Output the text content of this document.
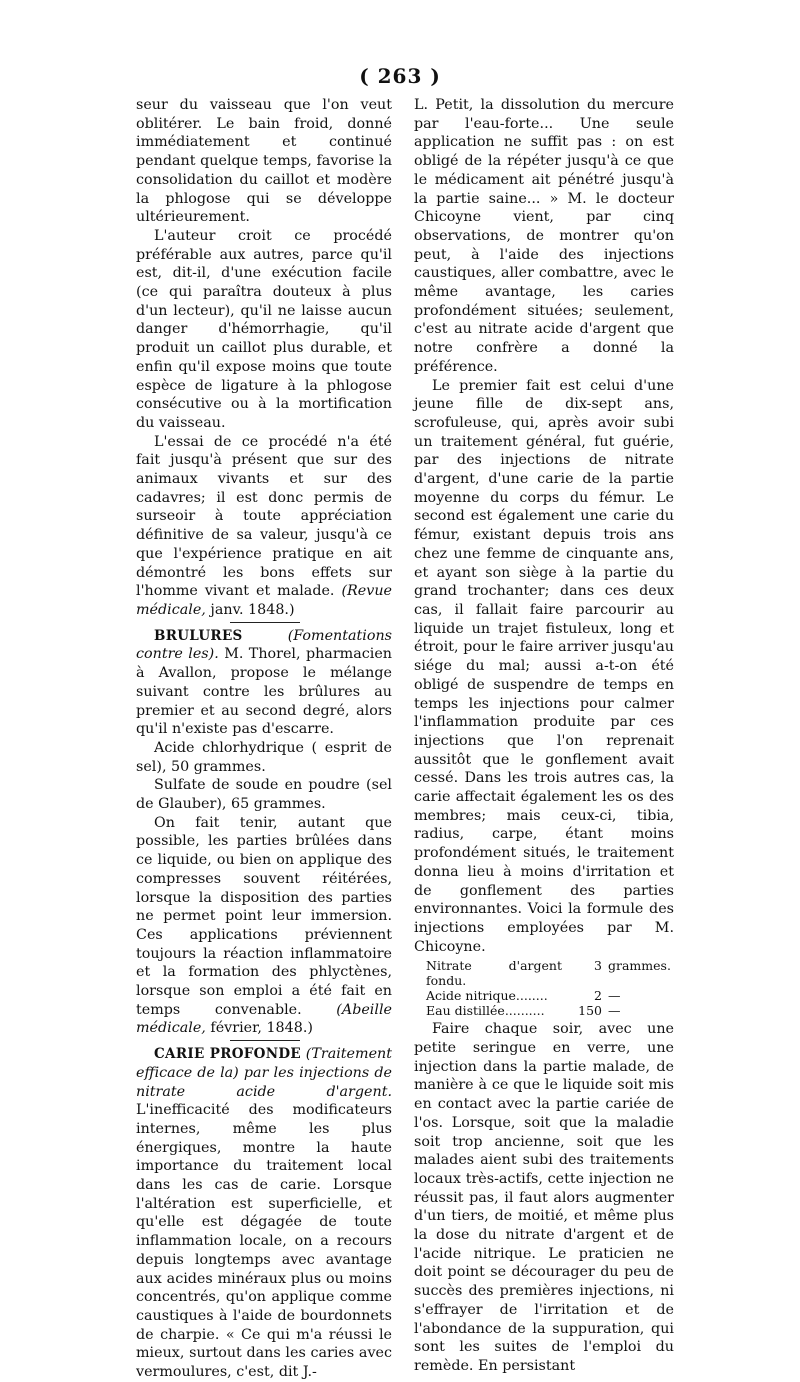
( 263 )

seur du vaisseau que l'on veut oblitérer. Le bain froid, donné immédiatement et continué pendant quelque temps, favorise la consolidation du caillot et modère la phlogose qui se développe ultérieurement.

L'auteur croit ce procédé préférable aux autres, parce qu'il est, dit-il, d'une exécution facile (ce qui paraîtra douteux à plus d'un lecteur), qu'il ne laisse aucun danger d'hémorrhagie, qu'il produit un caillot plus durable, et enfin qu'il expose moins que toute espèce de ligature à la phlogose consécutive ou à la mortification du vaisseau.

L'essai de ce procédé n'a été fait jusqu'à présent que sur des animaux vivants et sur des cadavres; il est donc permis de surseoir à toute appréciation définitive de sa valeur, jusqu'à ce que l'expérience pratique en ait démontré les bons effets sur l'homme vivant et malade. (Revue médicale, janv. 1848.)

BRULURES	(Fomentations contre les). M. Thorel, pharmacien à Avallon, propose le mélange suivant contre les brûlures au premier et au second degré, alors qu'il n'existe pas d'escarre.

Acide chlorhydrique ( esprit de sel), 50 grammes.

Sulfate de soude en poudre (sel de Glauber), 65 grammes.

On fait tenir, autant que possible, les parties brûlées dans ce liquide, ou bien on applique des compresses souvent réitérées, lorsque la disposition des parties ne permet point leur immersion. Ces applications préviennent toujours la réaction inflammatoire et la formation des phlyctènes, lorsque son emploi a été fait en temps convenable. (Abeille médicale, février, 1848.)

CARIE PROFONDE (Traitement efficace de la) par les injections de nitrate acide d'argent. L'inefficacité des modificateurs internes, même les plus énergiques, montre la haute importance du traitement local dans les cas de carie. Lorsque l'altération est superficielle, et qu'elle est dégagée de toute inflammation locale, on a recours depuis longtemps avec avantage aux acides minéraux plus ou moins concentrés, qu'on applique comme caustiques à l'aide de bourdonnets de charpie. « Ce qui m'a réussi le mieux, surtout dans les caries avec vermoulures, c'est, dit J.-

L. Petit, la dissolution du mercure par l'eau-forte... Une seule application ne suffit pas : on est obligé de la répéter jusqu'à ce que le médicament ait pénétré jusqu'à la partie saine... » M. le docteur Chicoyne vient, par cinq observations, de montrer qu'on peut, à l'aide des injections caustiques, aller combattre, avec le même avantage, les caries profondément situées; seulement, c'est au nitrate acide d'argent que notre confrère a donné la préférence.

Le premier fait est celui d'une jeune fille de dix-sept ans, scrofuleuse, qui, après avoir subi un traitement général, fut guérie, par des injections de nitrate d'argent, d'une carie de la partie moyenne du corps du fémur. Le second est également une carie du fémur, existant depuis trois ans chez une femme de cinquante ans, et ayant son siège à la partie du grand trochanter; dans ces deux cas, il fallait faire parcourir au liquide un trajet fistuleux, long et étroit, pour le faire arriver jusqu'au siége du mal; aussi a-t-on été obligé de suspendre de temps en temps les injections pour calmer l'inflammation produite par ces injections que l'on reprenait aussitôt que le gonflement avait cessé. Dans les trois autres cas, la carie affectait également les os des membres; mais ceux-ci, tibia, radius, carpe, étant moins profondément situés, le traitement donna lieu à moins d'irritation et de gonflement des parties environnantes. Voici la formule des injections employées par M. Chicoyne.

Nitrate d'argent fondu.	3	grammes.
Acide nitrique........	2	—
Eau distillée..........	150	—

Faire chaque soir, avec une petite seringue en verre, une injection dans la partie malade, de manière à ce que le liquide soit mis en contact avec la partie cariée de l'os. Lorsque, soit que la maladie soit trop ancienne, soit que les malades aient subi des traitements locaux très-actifs, cette injection ne réussit pas, il faut alors augmenter d'un tiers, de moitié, et même plus la dose du nitrate d'argent et de l'acide nitrique. Le praticien ne doit point se décourager du peu de succès des premières injections, ni s'effrayer de l'irritation et de l'abondance de la suppuration, qui sont les suites de l'emploi du remède. En persistant
